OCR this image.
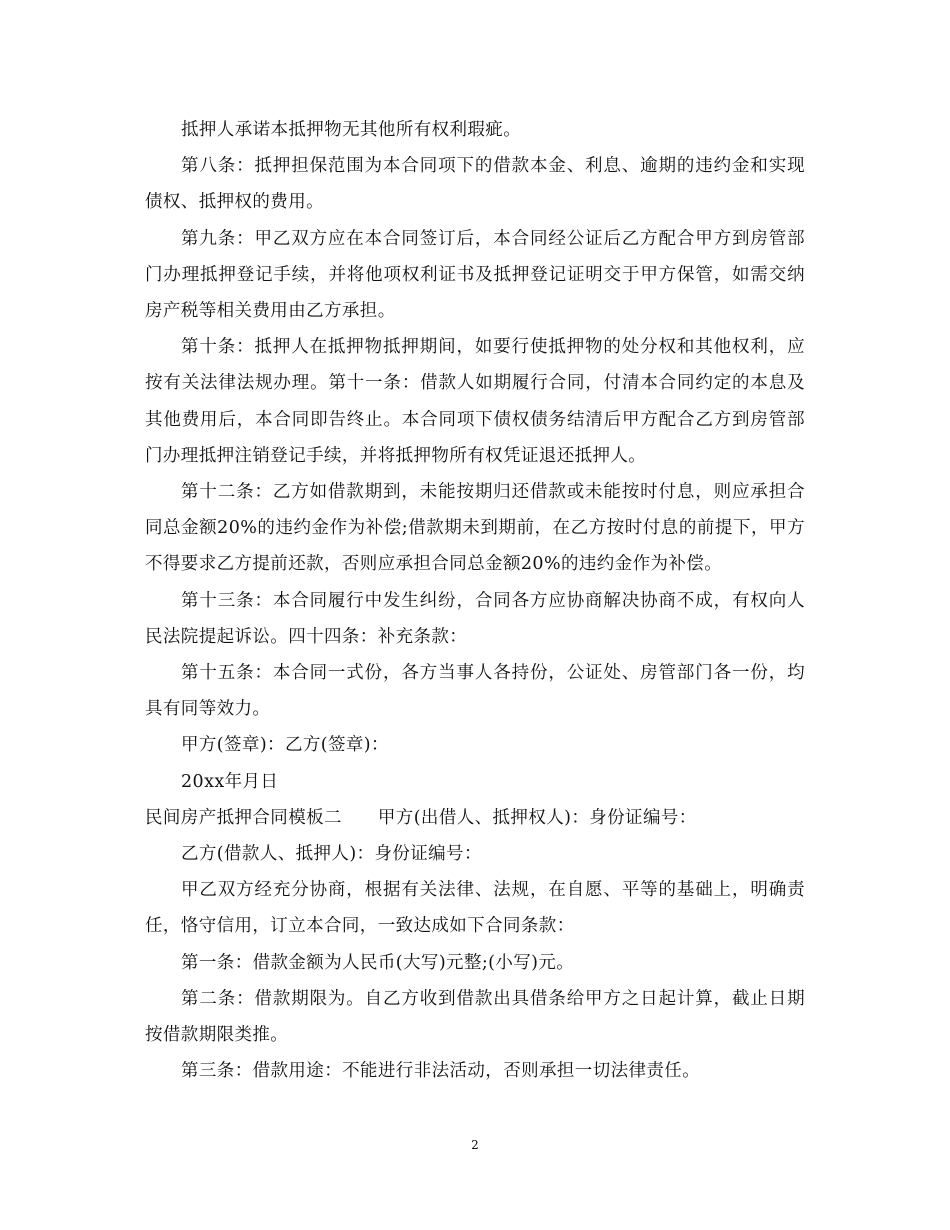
抵押人承诺本抵押物无其他所有权利瑕疵。

第八条：抵押担保范围为本合同项下的借款本金、利息、逾期的违约金和实现债权、抵押权的费用。

第九条：甲乙双方应在本合同签订后，本合同经公证后乙方配合甲方到房管部门办理抵押登记手续，并将他项权利证书及抵押登记证明交于甲方保管，如需交纳房产税等相关费用由乙方承担。

第十条：抵押人在抵押物抵押期间，如要行使抵押物的处分权和其他权利，应按有关法律法规办理。第十一条：借款人如期履行合同，付清本合同约定的本息及其他费用后，本合同即告终止。本合同项下债权债务结清后甲方配合乙方到房管部门办理抵押注销登记手续，并将抵押物所有权凭证退还抵押人。

第十二条：乙方如借款期到，未能按期归还借款或未能按时付息，则应承担合同总金额20%的违约金作为补偿;借款期未到期前，在乙方按时付息的前提下，甲方不得要求乙方提前还款，否则应承担合同总金额20%的违约金作为补偿。

第十三条：本合同履行中发生纠纷，合同各方应协商解决协商不成，有权向人民法院提起诉讼。四十四条：补充条款：

第十五条：本合同一式份，各方当事人各持份，公证处、房管部门各一份，均具有同等效力。

甲方(签章)：乙方(签章)：

20xx年月日

民间房产抵押合同模板二 甲方(出借人、抵押权人)：身份证编号：

乙方(借款人、抵押人)：身份证编号：

甲乙双方经充分协商，根据有关法律、法规，在自愿、平等的基础上，明确责任，恪守信用，订立本合同，一致达成如下合同条款：

第一条：借款金额为人民币(大写)元整;(小写)元。

第二条：借款期限为。自乙方收到借款出具借条给甲方之日起计算，截止日期按借款期限类推。

第三条：借款用途：不能进行非法活动，否则承担一切法律责任。

2
